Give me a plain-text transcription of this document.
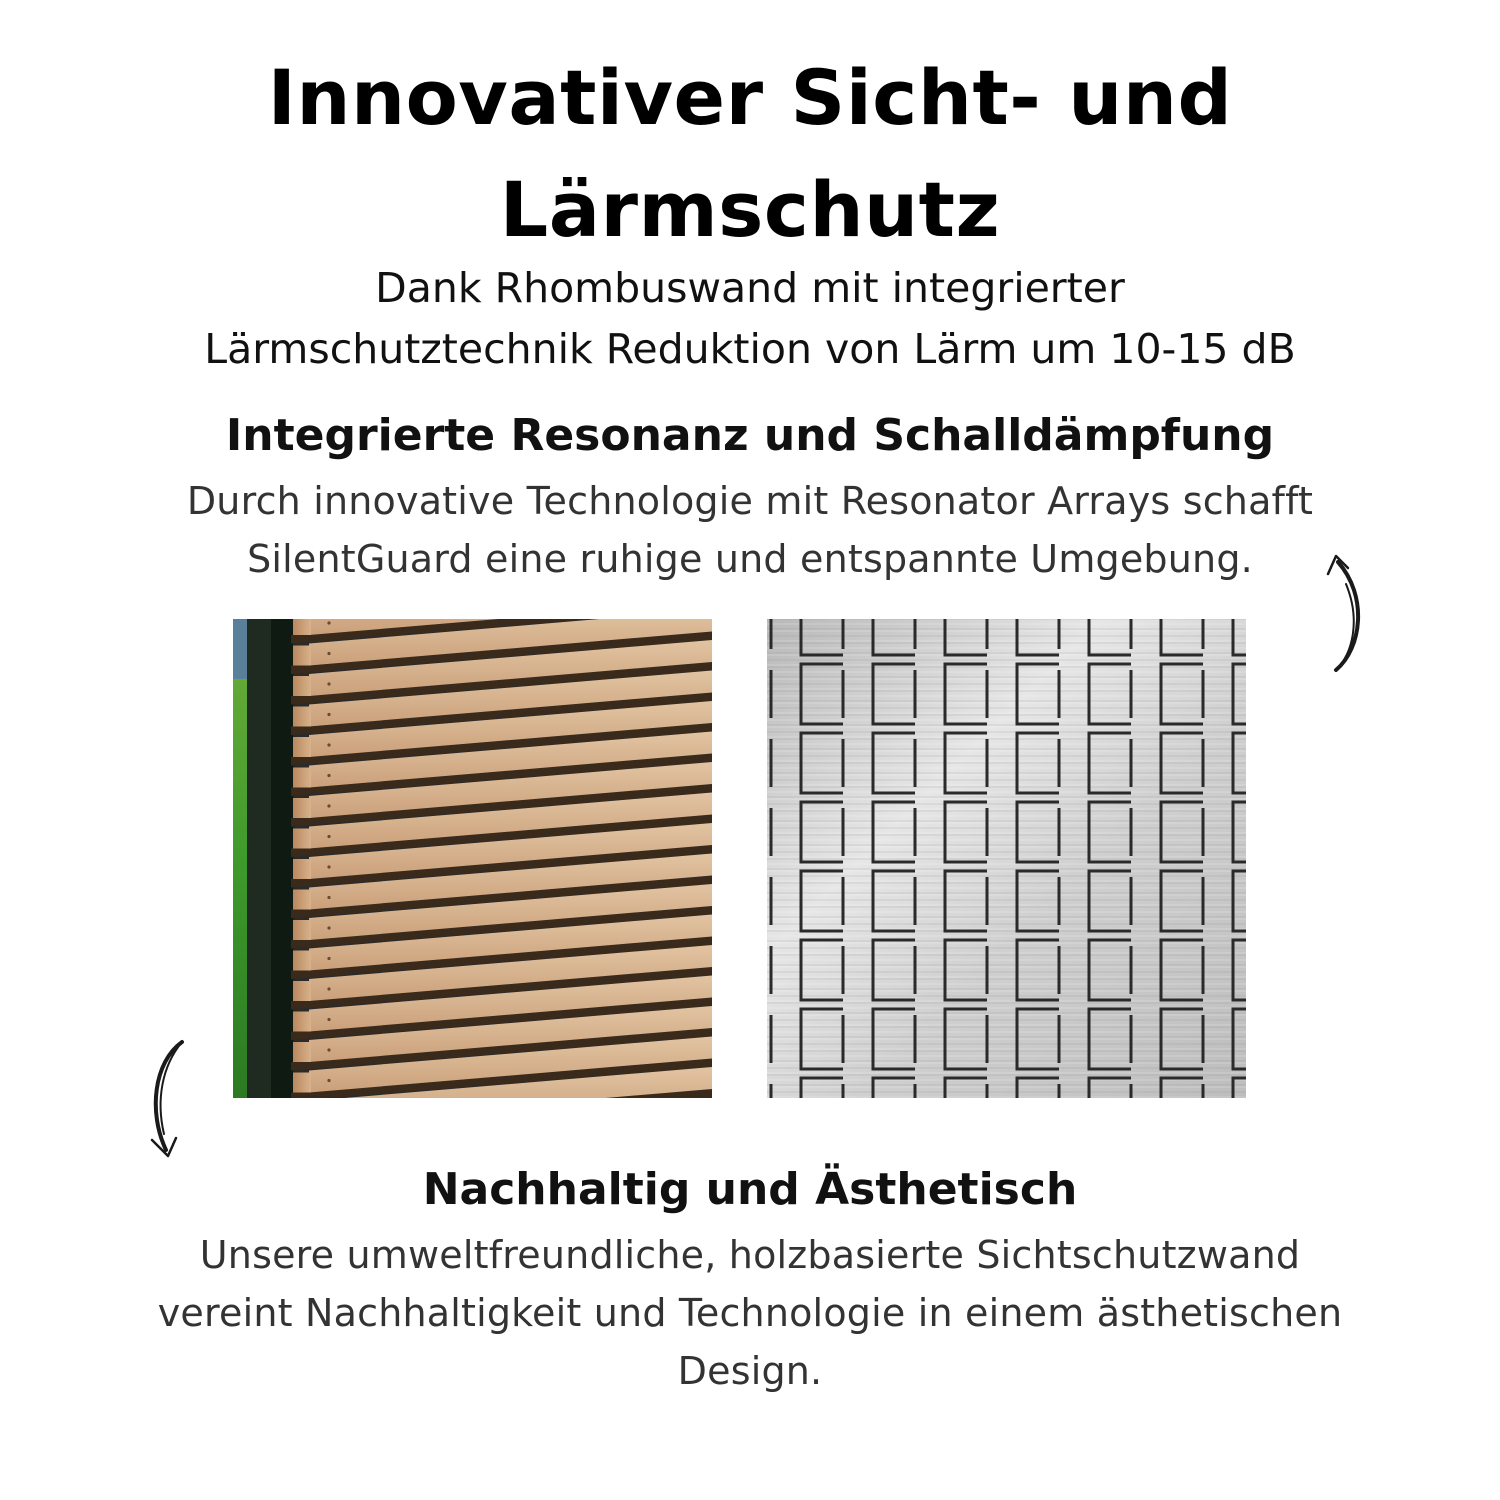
Innovativer Sicht- und
Lärmschutz
Dank Rhombuswand mit integrierter
Lärmschutztechnik Reduktion von Lärm um 10-15 dB
Integrierte Resonanz und Schalldämpfung
Durch innovative Technologie mit Resonator Arrays schafft
SilentGuard eine ruhige und entspannte Umgebung.
Nachhaltig und Ästhetisch
Unsere umweltfreundliche, holzbasierte Sichtschutzwand
vereint Nachhaltigkeit und Technologie in einem ästhetischen
Design.
